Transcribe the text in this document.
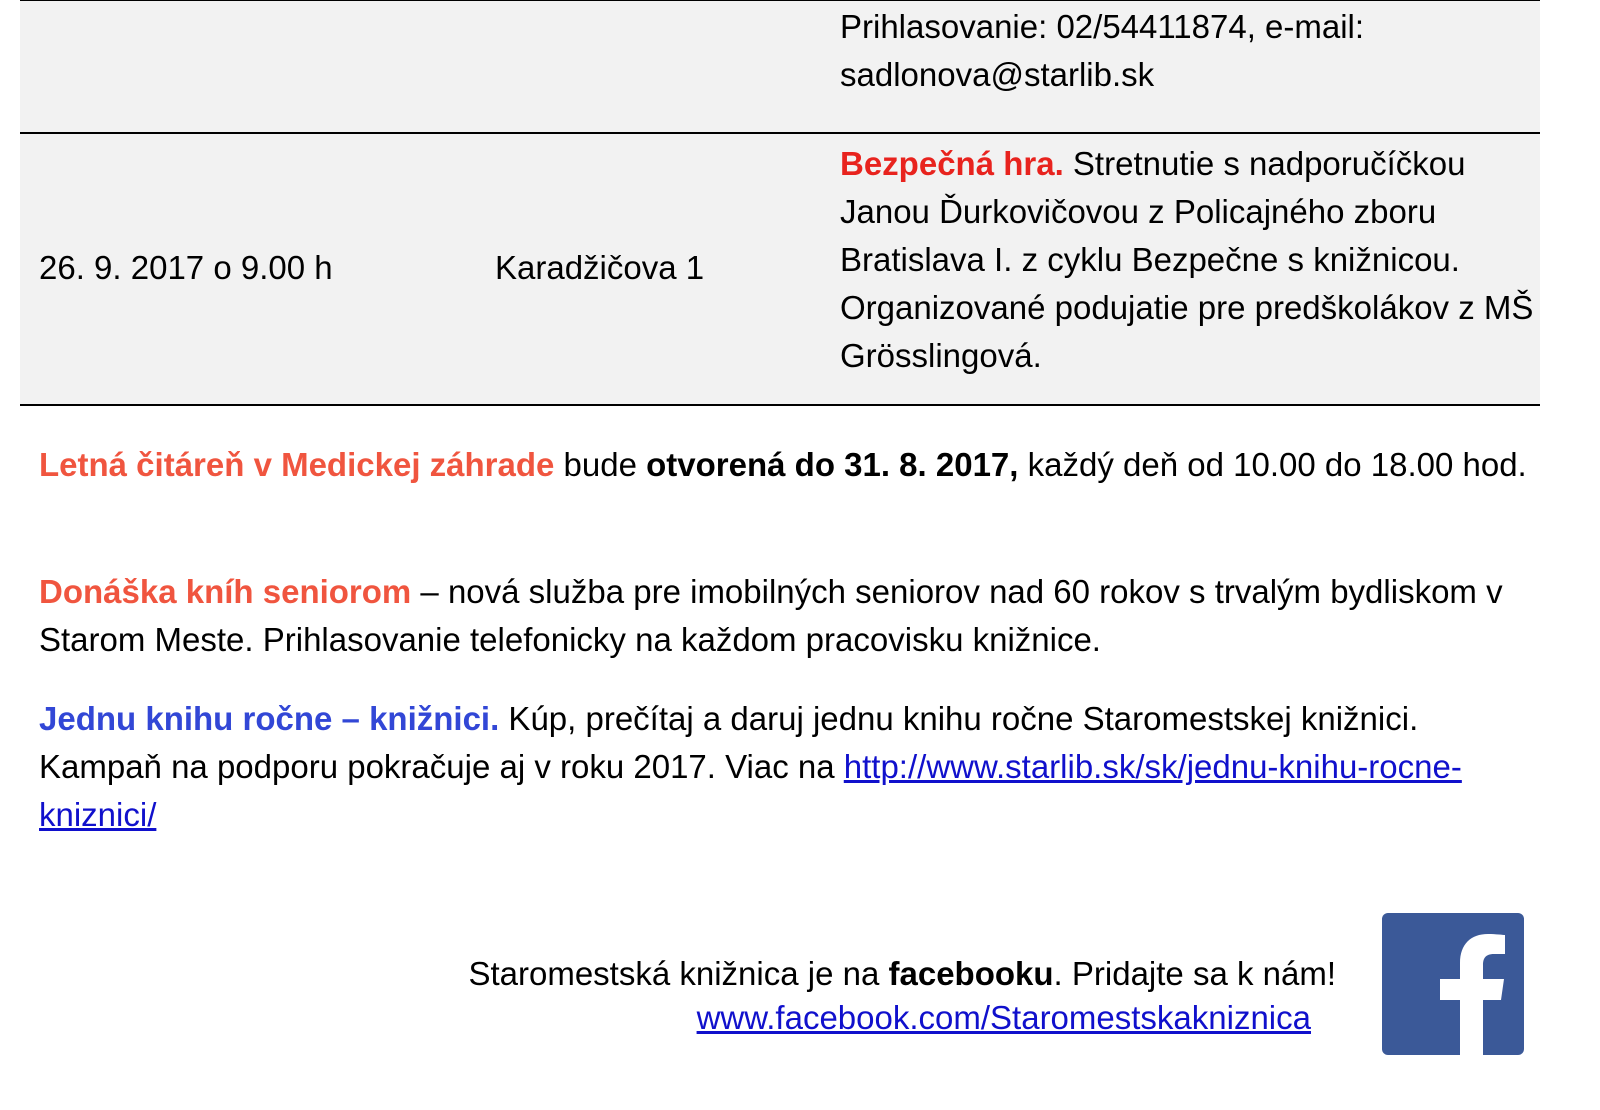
Prihlasovanie: 02/54411874, e-mail: sadlonova@starlib.sk
26. 9. 2017 o 9.00 h	Karadžičova 1
Bezpečná hra. Stretnutie s nadporučíčkou Janou Ďurkovičovou z Policajného zboru Bratislava I. z cyklu Bezpečne s knižnicou. Organizované podujatie pre predškolákov z MŠ Grösslingová.
Letná čitáreň v Medickej záhrade bude otvorená do 31. 8. 2017, každý deň od 10.00 do 18.00 hod.
Donáška kníh seniorom – nová služba pre imobilných seniorov nad 60 rokov s trvalým bydliskom v Starom Meste. Prihlasovanie telefonicky na každom pracovisku knižnice.
Jednu knihu ročne – knižnici. Kúp, prečítaj a daruj jednu knihu ročne Staromestskej knižnici. Kampaň na podporu pokračuje aj v roku 2017. Viac na http://www.starlib.sk/sk/jednu-knihu-rocne-kniznici/
Staromestská knižnica je na facebooku. Pridajte sa k nám!
www.facebook.com/Staromestskakniznica
